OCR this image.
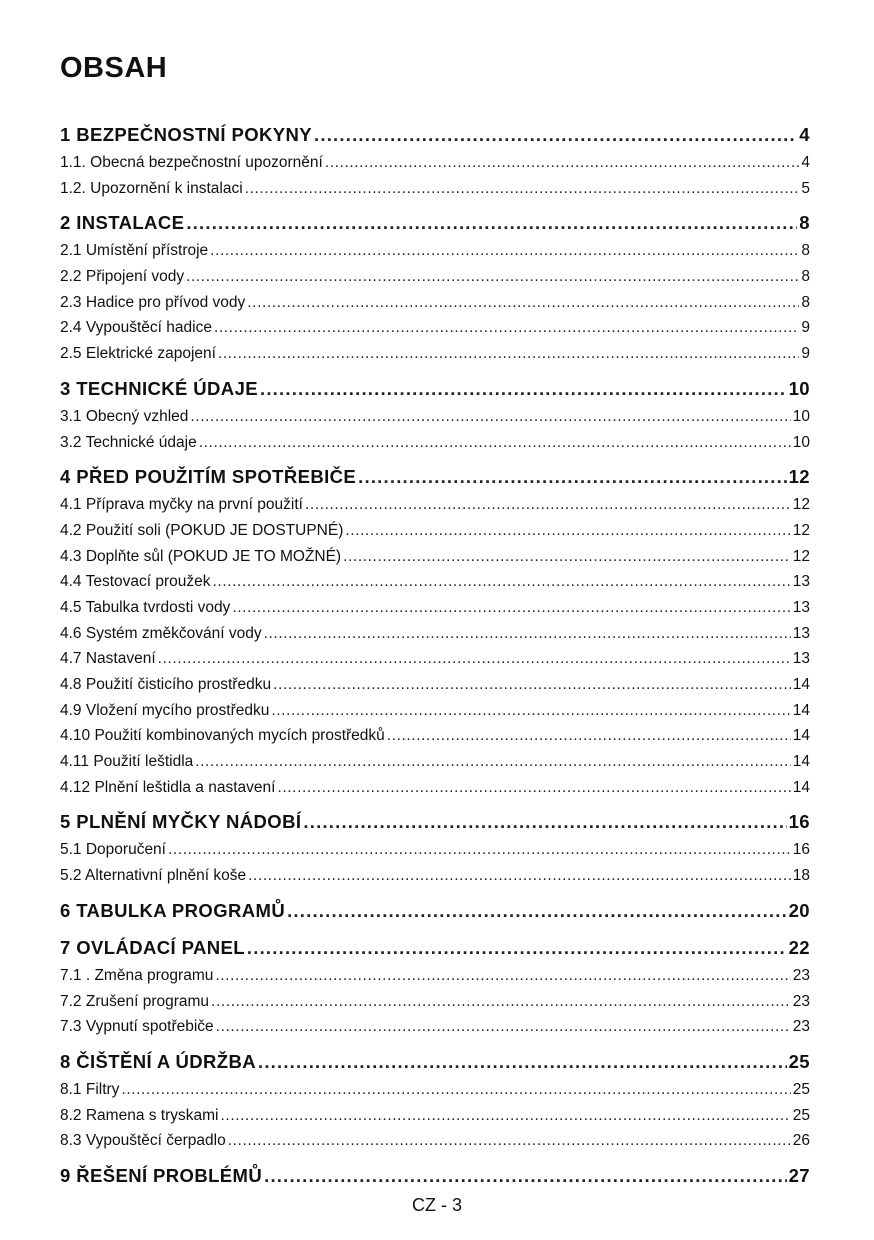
OBSAH
1 BEZPEČNOSTNÍ POKYNY .....	4
1.1. Obecná bezpečnostní upozornění .....	4
1.2. Upozornění k instalaci .....	5
2 INSTALACE .....	8
2.1 Umístění přístroje .....	8
2.2 Připojení vody .....	8
2.3 Hadice pro přívod vody .....	8
2.4 Vypouštěcí hadice .....	9
2.5 Elektrické zapojení .....	9
3 TECHNICKÉ ÚDAJE .....	10
3.1 Obecný vzhled .....	10
3.2 Technické údaje .....	10
4 PŘED POUŽITÍM SPOTŘEBIČE .....	12
4.1 Příprava myčky na první použití .....	12
4.2 Použití soli (POKUD JE DOSTUPNÉ) .....	12
4.3 Doplňte sůl (POKUD JE TO MOŽNÉ) .....	12
4.4 Testovací proužek .....	13
4.5 Tabulka tvrdosti vody .....	13
4.6 Systém změkčování vody .....	13
4.7 Nastavení .....	13
4.8 Použití čisticího prostředku .....	14
4.9 Vložení mycího prostředku .....	14
4.10 Použití kombinovaných mycích prostředků .....	14
4.11 Použití leštidla .....	14
4.12 Plnění leštidla a nastavení .....	14
5 PLNĚNÍ MYČKY NÁDOBÍ .....	16
5.1 Doporučení .....	16
5.2 Alternativní plnění koše .....	18
6 TABULKA PROGRAMŮ .....	20
7 OVLÁDACÍ PANEL .....	22
7.1 . Změna programu .....	23
7.2 Zrušení programu .....	23
7.3 Vypnutí spotřebiče .....	23
8 ČIŠTĚNÍ A ÚDRŽBA .....	25
8.1 Filtry .....	25
8.2 Ramena s tryskami .....	25
8.3 Vypouštěcí čerpadlo .....	26
9 ŘEŠENÍ PROBLÉMŮ .....	27
CZ - 3
